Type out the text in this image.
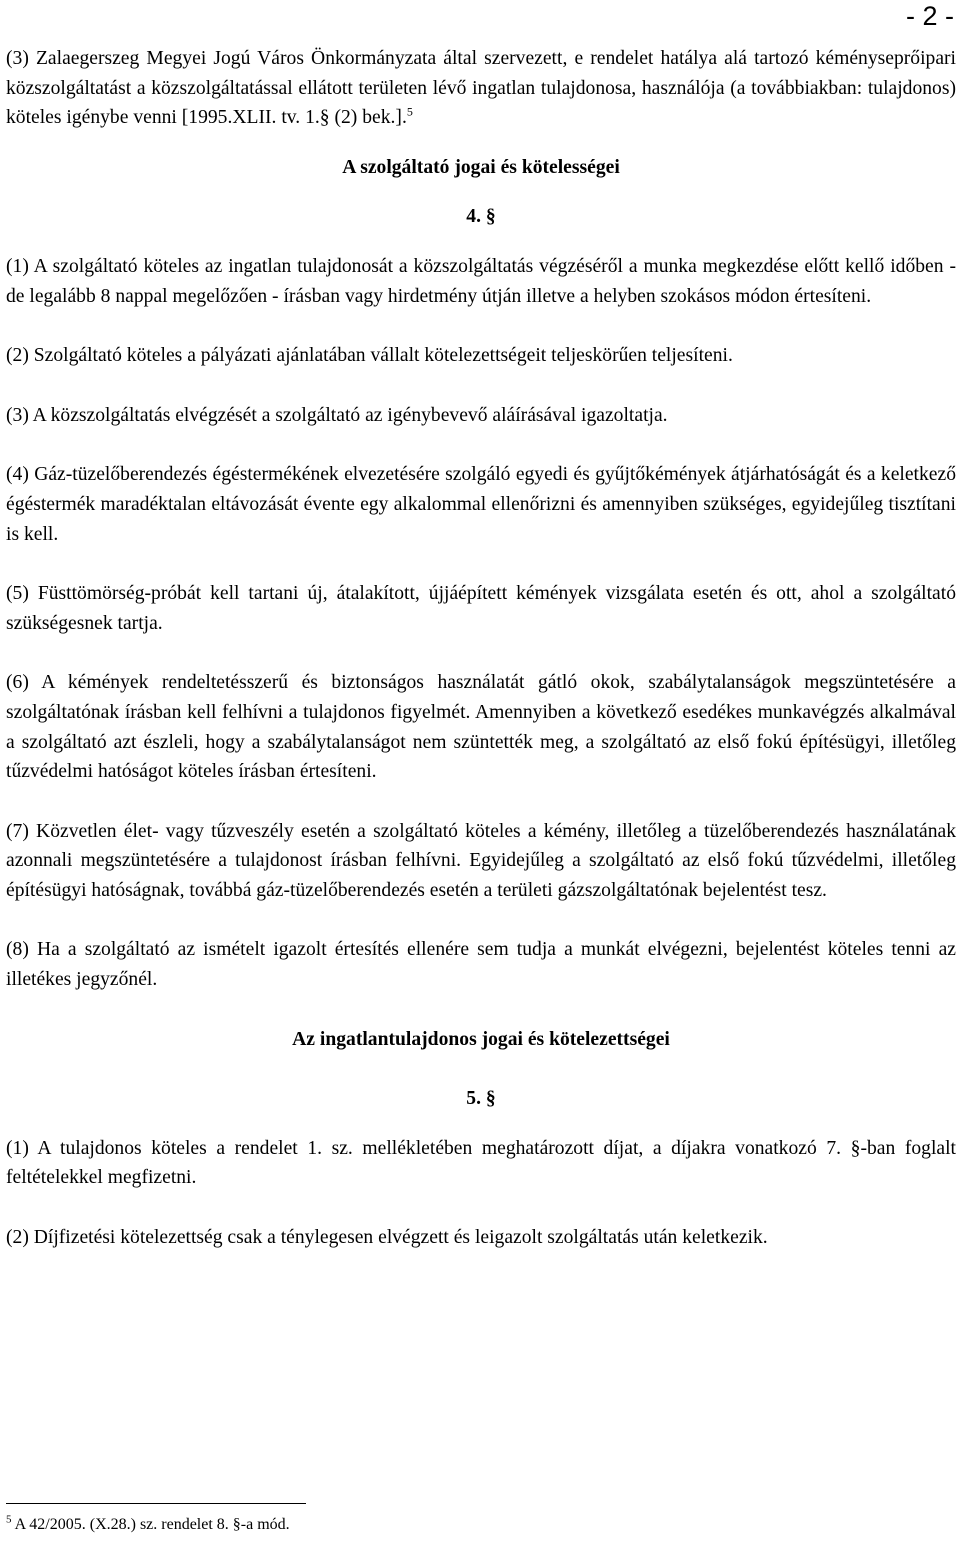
- 2 -

(3) Zalaegerszeg Megyei Jogú Város Önkormányzata által szervezett, e rendelet hatálya alá tartozó kéményseprőipari közszolgáltatást a közszolgáltatással ellátott területen lévő ingatlan tulajdonosa, használója (a továbbiakban: tulajdonos) köteles igénybe venni [1995.XLII. tv. 1.§ (2) bek.].$^5$

A szolgáltató jogai és kötelességei

4. §

(1) A szolgáltató köteles az ingatlan tulajdonosát a közszolgáltatás végzéséről a munka megkezdése előtt kellő időben - de legalább 8 nappal megelőzően - írásban vagy hirdetmény útján illetve a helyben szokásos módon értesíteni.

(2) Szolgáltató köteles a pályázati ajánlatában vállalt kötelezettségeit teljeskörűen teljesíteni.

(3) A közszolgáltatás elvégzését a szolgáltató az igénybevevő aláírásával igazoltatja.

(4) Gáz-tüzelőberendezés égéstermékének elvezetésére szolgáló egyedi és gyűjtőkémények átjárhatóságát és a keletkező égéstermék maradéktalan eltávozását évente egy alkalommal ellenőrizni és amennyiben szükséges, egyidejűleg tisztítani is kell.

(5) Füsttömörség-próbát kell tartani új, átalakított, újjáépített kémények vizsgálata esetén és ott, ahol a szolgáltató szükségesnek tartja.

(6) A kémények rendeltetésszerű és biztonságos használatát gátló okok, szabálytalanságok megszüntetésére a szolgáltatónak írásban kell felhívni a tulajdonos figyelmét. Amennyiben a következő esedékes munkavégzés alkalmával a szolgáltató azt észleli, hogy a szabálytalanságot nem szüntették meg, a szolgáltató az első fokú építésügyi, illetőleg tűzvédelmi hatóságot köteles írásban értesíteni.

(7) Közvetlen élet- vagy tűzveszély esetén a szolgáltató köteles a kémény, illetőleg a tüzelőberendezés használatának azonnali megszüntetésére a tulajdonost írásban felhívni. Egyidejűleg a szolgáltató az első fokú tűzvédelmi, illetőleg építésügyi hatóságnak, továbbá gáz-tüzelőberendezés esetén a területi gázszolgáltatónak bejelentést tesz.

(8) Ha a szolgáltató az ismételt igazolt értesítés ellenére sem tudja a munkát elvégezni, bejelentést köteles tenni az illetékes jegyzőnél.

Az ingatlantulajdonos jogai és kötelezettségei

5. §

(1) A tulajdonos köteles a rendelet 1. sz. mellékletében meghatározott díjat, a díjakra vonatkozó 7. §-ban foglalt feltételekkel megfizetni.

(2) Díjfizetési kötelezettség csak a ténylegesen elvégzett és leigazolt szolgáltatás után keletkezik.

$^5$ A 42/2005. (X.28.) sz. rendelet 8. §-a mód.
